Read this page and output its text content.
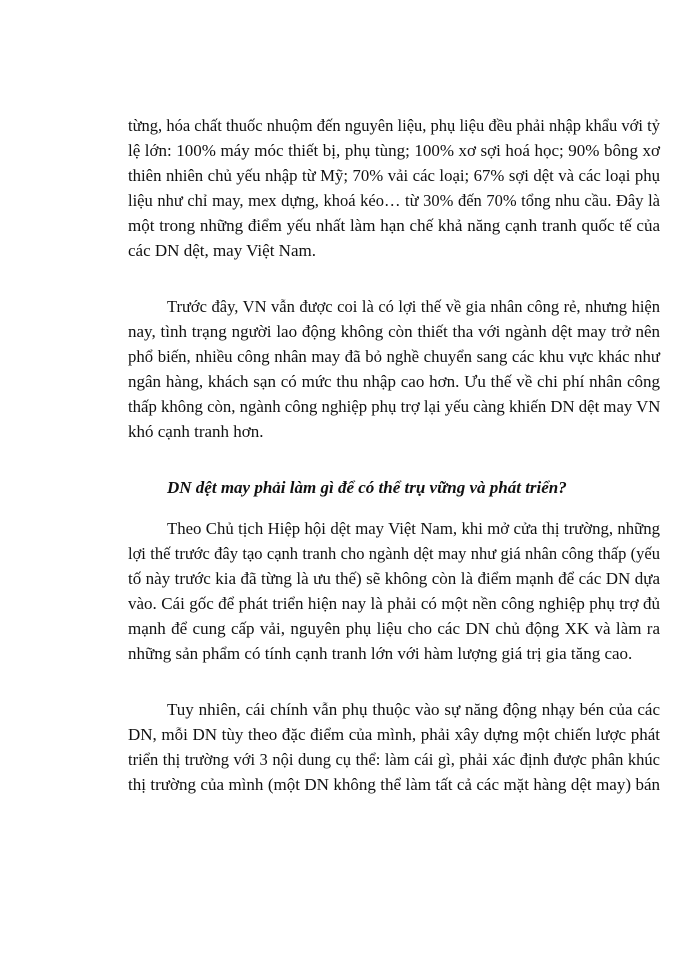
từng, hóa chất thuốc nhuộm đến nguyên liệu, phụ liệu đều phải nhập khẩu với tỷ
lệ lớn: 100% máy móc thiết bị, phụ tùng; 100% xơ sợi hoá học; 90% bông xơ
thiên nhiên chủ yếu nhập từ Mỹ; 70% vải các loại; 67% sợi dệt và các loại phụ
liệu như chỉ may, mex dựng, khoá kéo… từ 30% đến 70% tổng nhu cầu. Đây là
một trong những điểm yếu nhất làm hạn chế khả năng cạnh tranh quốc tế của
các DN dệt, may Việt Nam.
Trước đây, VN vẫn được coi là có lợi thế về gia nhân công rẻ, nhưng hiện
nay, tình trạng người lao động không còn thiết tha với ngành dệt may trở nên
phổ biến, nhiều công nhân may đã bỏ nghề chuyển sang các khu vực khác như
ngân hàng, khách sạn có mức thu nhập cao hơn. Ưu thế về chi phí nhân công
thấp không còn, ngành công nghiệp phụ trợ lại yếu càng khiến DN dệt may VN
khó cạnh tranh hơn.
DN dệt may phải làm gì để có thể trụ vững và phát triển?
Theo Chủ tịch Hiệp hội dệt may Việt Nam, khi mở cửa thị trường, những
lợi thế trước đây tạo cạnh tranh cho ngành dệt may như giá nhân công thấp (yếu
tố này trước kia đã từng là ưu thế) sẽ không còn là điểm mạnh để các DN dựa
vào. Cái gốc để phát triển hiện nay là phải có một nền công nghiệp phụ trợ đủ
mạnh để cung cấp vải, nguyên phụ liệu cho các DN chủ động XK và làm ra
những sản phẩm có tính cạnh tranh lớn với hàm lượng giá trị gia tăng cao.
Tuy nhiên, cái chính vẫn phụ thuộc vào sự năng động nhạy bén của các
DN, mỗi DN tùy theo đặc điểm của mình, phải xây dựng một chiến lược phát
triển thị trường với 3 nội dung cụ thể: làm cái gì, phải xác định được phân khúc
thị trường của mình (một DN không thể làm tất cả các mặt hàng dệt may) bán
